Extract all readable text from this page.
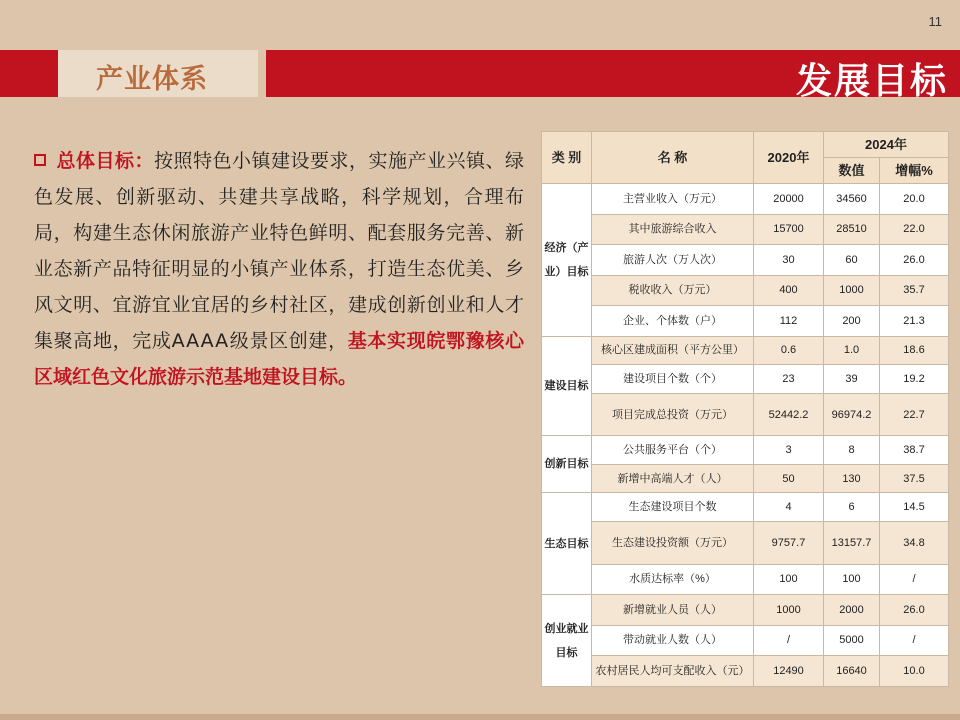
11
产业体系	发展目标
总体目标：按照特色小镇建设要求，实施产业兴镇、绿色发展、创新驱动、共建共享战略，科学规划，合理布局，构建生态休闲旅游产业特色鲜明、配套服务完善、新业态新产品特征明显的小镇产业体系，打造生态优美、乡风文明、宜游宜业宜居的乡村社区，建成创新创业和人才集聚高地，完成AAAA级景区创建，基本实现皖鄂豫核心区域红色文化旅游示范基地建设目标。
类 别	名 称	2020年	2024年	
			数值	增幅%
经济（产业）目标	主营业收入（万元）	20000	34560	20.0
	其中旅游综合收入	15700	28510	22.0
	旅游人次（万人次）	30	60	26.0
	税收收入（万元）	400	1000	35.7
	企业、个体数（户）	112	200	21.3
建设目标	核心区建成面积（平方公里）	0.6	1.0	18.6
	建设项目个数（个）	23	39	19.2
	项目完成总投资（万元）	52442.2	96974.2	22.7
创新目标	公共服务平台（个）	3	8	38.7
	新增中高端人才（人）	50	130	37.5
生态目标	生态建设项目个数	4	6	14.5
	生态建设投资额（万元）	9757.7	13157.7	34.8
	水质达标率（%）	100	100	/
创业就业目标	新增就业人员（人）	1000	2000	26.0
	带动就业人数（人）	/	5000	/
	农村居民人均可支配收入（元）	12490	16640	10.0
